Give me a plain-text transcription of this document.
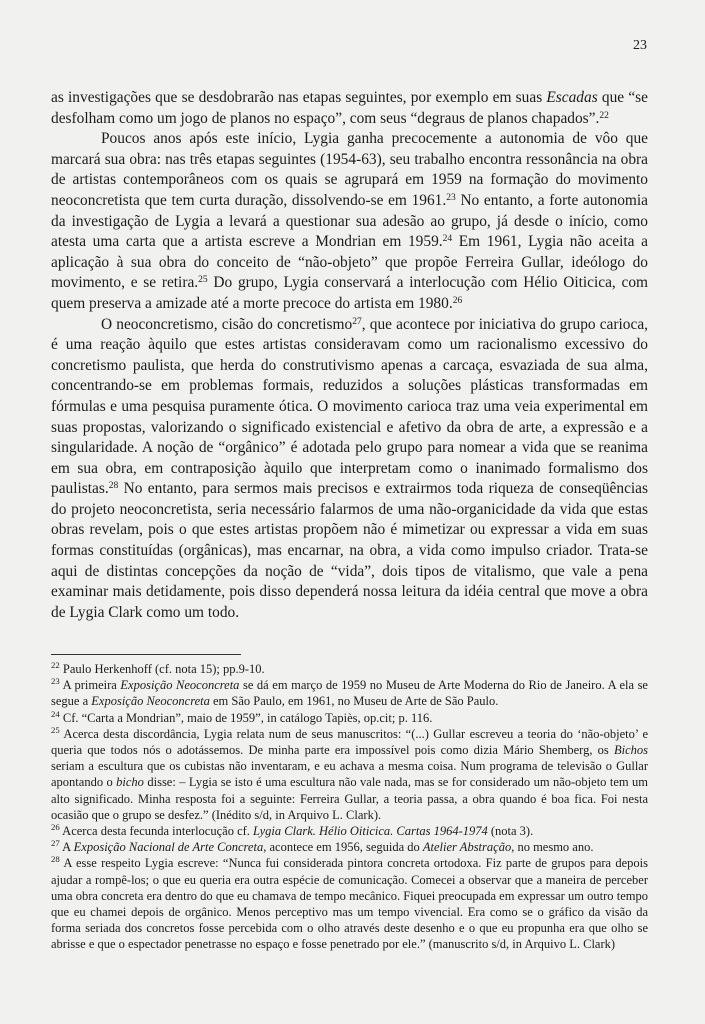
23

as investigações que se desdobrarão nas etapas seguintes, por exemplo em suas Escadas que “se desfolham como um jogo de planos no espaço”, com seus “degraus de planos chapados”.$^{22}$

Poucos anos após este início, Lygia ganha precocemente a autonomia de vôo que marcará sua obra: nas três etapas seguintes (1954-63), seu trabalho encontra ressonância na obra de artistas contemporâneos com os quais se agrupará em 1959 na formação do movimento neoconcretista que tem curta duração, dissolvendo-se em 1961.23 No entanto, a forte autonomia da investigação de Lygia a levará a questionar sua adesão ao grupo, já desde o início, como atesta uma carta que a artista escreve a Mondrian em 1959.24 Em 1961, Lygia não aceita a aplicação à sua obra do conceito de “não-objeto” que propõe Ferreira Gullar, ideólogo do movimento, e se retira.$^{25}$ Do grupo, Lygia conservará a interlocução com Hélio Oiticica, com quem preserva a amizade até a morte precoce do artista em 1980.26

O neoconcretismo, cisão do concretismo$^{27}$, que acontece por iniciativa do grupo carioca, é uma reação àquilo que estes artistas consideravam como um racionalismo excessivo do concretismo paulista, que herda do construtivismo apenas a carcaça, esvaziada de sua alma, concentrando-se em problemas formais, reduzidos a soluções plásticas transformadas em fórmulas e uma pesquisa puramente ótica. O movimento carioca traz uma veia experimental em suas propostas, valorizando o significado existencial e afetivo da obra de arte, a expressão e a singularidade. A noção de “orgânico” é adotada pelo grupo para nomear a vida que se reanima em sua obra, em contraposição àquilo que interpretam como o inanimado formalismo dos paulistas.$^{28}$ No entanto, para sermos mais precisos e extrairmos toda riqueza de conseqüências do projeto neoconcretista, seria necessário falarmos de uma não-organicidade da vida que estas obras revelam, pois o que estes artistas propõem não é mimetizar ou expressar a vida em suas formas constituídas (orgânicas), mas encarnar, na obra, a vida como impulso criador. Trata-se aqui de distintas concepções da noção de “vida”, dois tipos de vitalismo, que vale a pena examinar mais detidamente, pois disso dependerá nossa leitura da idéia central que move a obra de Lygia Clark como um todo.

$^{22}$ Paulo Herkenhoff (cf. nota 15); pp.9-10.

$^{23}$ A primeira Exposição Neoconcreta se dá em março de 1959 no Museu de Arte Moderna do Rio de Janeiro. A ela se segue a Exposição Neoconcreta em São Paulo, em 1961, no Museu de Arte de São Paulo.

$^{24}$ Cf. “Carta a Mondrian”, maio de 1959”, in catálogo Tapiès, op.cit; p. 116.

$^{25}$ Acerca desta discordância, Lygia relata num de seus manuscritos: “(...) Gullar escreveu a teoria do ‘não-objeto’ e queria que todos nós o adotássemos. De minha parte era impossível pois como dizia Mário Shemberg, os Bichos seriam a escultura que os cubistas não inventaram, e eu achava a mesma coisa. Num programa de televisão o Gullar apontando o bicho disse: – Lygia se isto é uma escultura não vale nada, mas se for considerado um não-objeto tem um alto significado. Minha resposta foi a seguinte: Ferreira Gullar, a teoria passa, a obra quando é boa fica. Foi nesta ocasião que o grupo se desfez.” (Inédito s/d, in Arquivo L. Clark).

$^{26}$ Acerca desta fecunda interlocução cf. Lygia Clark. Hélio Oiticica. Cartas 1964-1974 (nota 3).

$^{27}$ A Exposição Nacional de Arte Concreta, acontece em 1956, seguida do Atelier Abstração, no mesmo ano.

$^{28}$ A esse respeito Lygia escreve: “Nunca fui considerada pintora concreta ortodoxa. Fiz parte de grupos para depois ajudar a rompê-los; o que eu queria era outra espécie de comunicação. Comecei a observar que a maneira de perceber uma obra concreta era dentro do que eu chamava de tempo mecânico. Fiquei preocupada em expressar um outro tempo que eu chamei depois de orgânico. Menos perceptivo mas um tempo vivencial. Era como se o gráfico da visão da forma seriada dos concretos fosse percebida com o olho através deste desenho e o que eu propunha era que olho se abrisse e que o espectador penetrasse no espaço e fosse penetrado por ele.” (manuscrito s/d, in Arquivo L. Clark)
